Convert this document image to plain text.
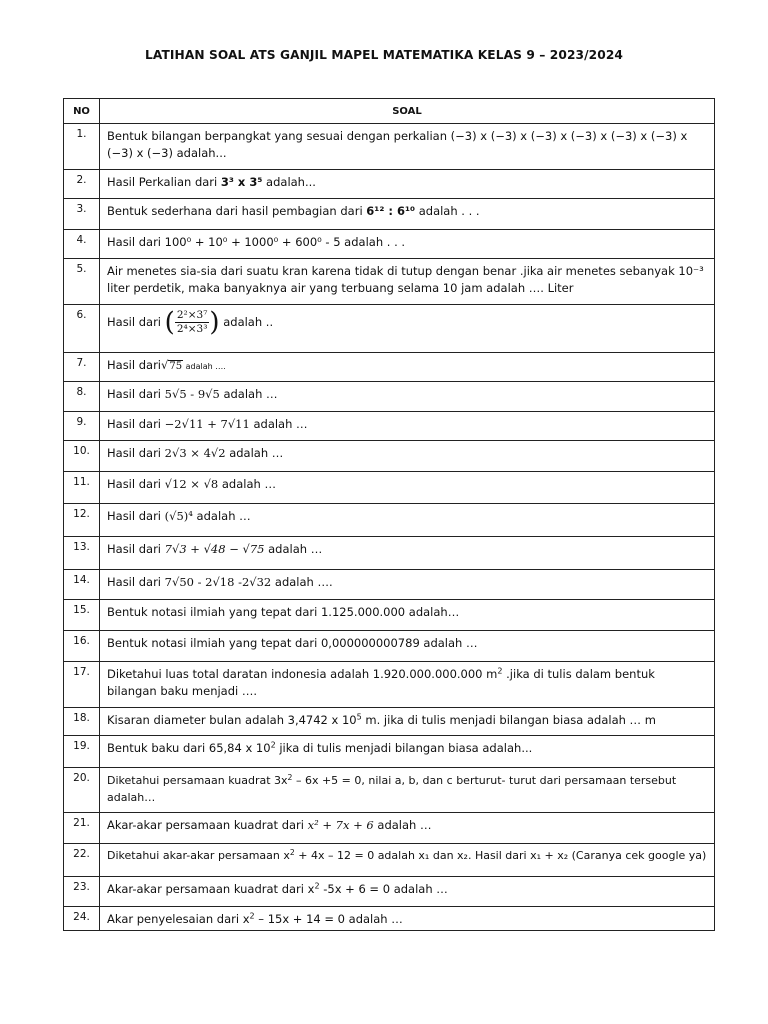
LATIHAN SOAL ATS GANJIL MAPEL MATEMATIKA KELAS 9 – 2023/2024
NO	SOAL
1.	Bentuk bilangan berpangkat yang sesuai dengan perkalian (−3) x (−3) x (−3) x (−3) x (−3) x (−3) x (−3) x (−3) adalah...
2.	Hasil Perkalian dari 3³ x 3⁵ adalah...
3.	Bentuk sederhana dari hasil pembagian dari 6¹² : 6¹⁰ adalah . . .
4.	Hasil dari 100⁰ + 10⁰ + 1000⁰ + 600⁰ - 5 adalah . . .
5.	Air menetes sia-sia dari suatu kran karena tidak di tutup dengan benar .jika air menetes sebanyak 10⁻³ liter perdetik, maka banyaknya air yang terbuang selama 10 jam adalah …. Liter
6.	Hasil dari ( $\frac{\text{2²×3⁷}}{\text{2⁴×3³}}$ ) adalah ..
7.	Hasil dari√75 adalah ….
8.	Hasil dari 5√5 - 9√5 adalah …
9.	Hasil dari −2√11 + 7√11 adalah …
10.	Hasil dari 2√3 × 4√2 adalah …
11.	Hasil dari √12 × √8 adalah …
12.	Hasil dari (√5)⁴ adalah …
13.	Hasil dari 7√3 + √48 − √75 adalah …
14.	Hasil dari 7√50 - 2√18 -2√32 adalah ….
15.	Bentuk notasi ilmiah yang tepat dari 1.125.000.000 adalah…
16.	Bentuk notasi ilmiah yang tepat dari 0,000000000789 adalah …
17.	Diketahui luas total daratan indonesia adalah 1.920.000.000.000 $m^2$ .jika di tulis dalam bentuk bilangan baku menjadi ….
18.	Kisaran diameter bulan adalah 3,4742 x $10^5$ m. jika di tulis menjadi bilangan biasa adalah … m
19.	Bentuk baku dari 65,84 x $10^2$ jika di tulis menjadi bilangan biasa adalah...
20.	Diketahui persamaan kuadrat $3x^2 - 6x +5 = 0$, nilai a, b, dan c berturut- turut dari persamaan tersebut adalah…
21.	Akar-akar persamaan kuadrat dari x² + 7x + 6 adalah …
22.	Diketahui akar-akar persamaan $x^2 + 4x - 12 = 0$ adalah x₁ dan x₂. Hasil dari x₁ + x₂ (Caranya cek google ya)
23.	Akar-akar persamaan kuadrat dari $x^2$ -5x + 6 = 0 adalah …
24.	Akar penyelesaian dari $x^2 - 15x + 14 = 0$ adalah …
